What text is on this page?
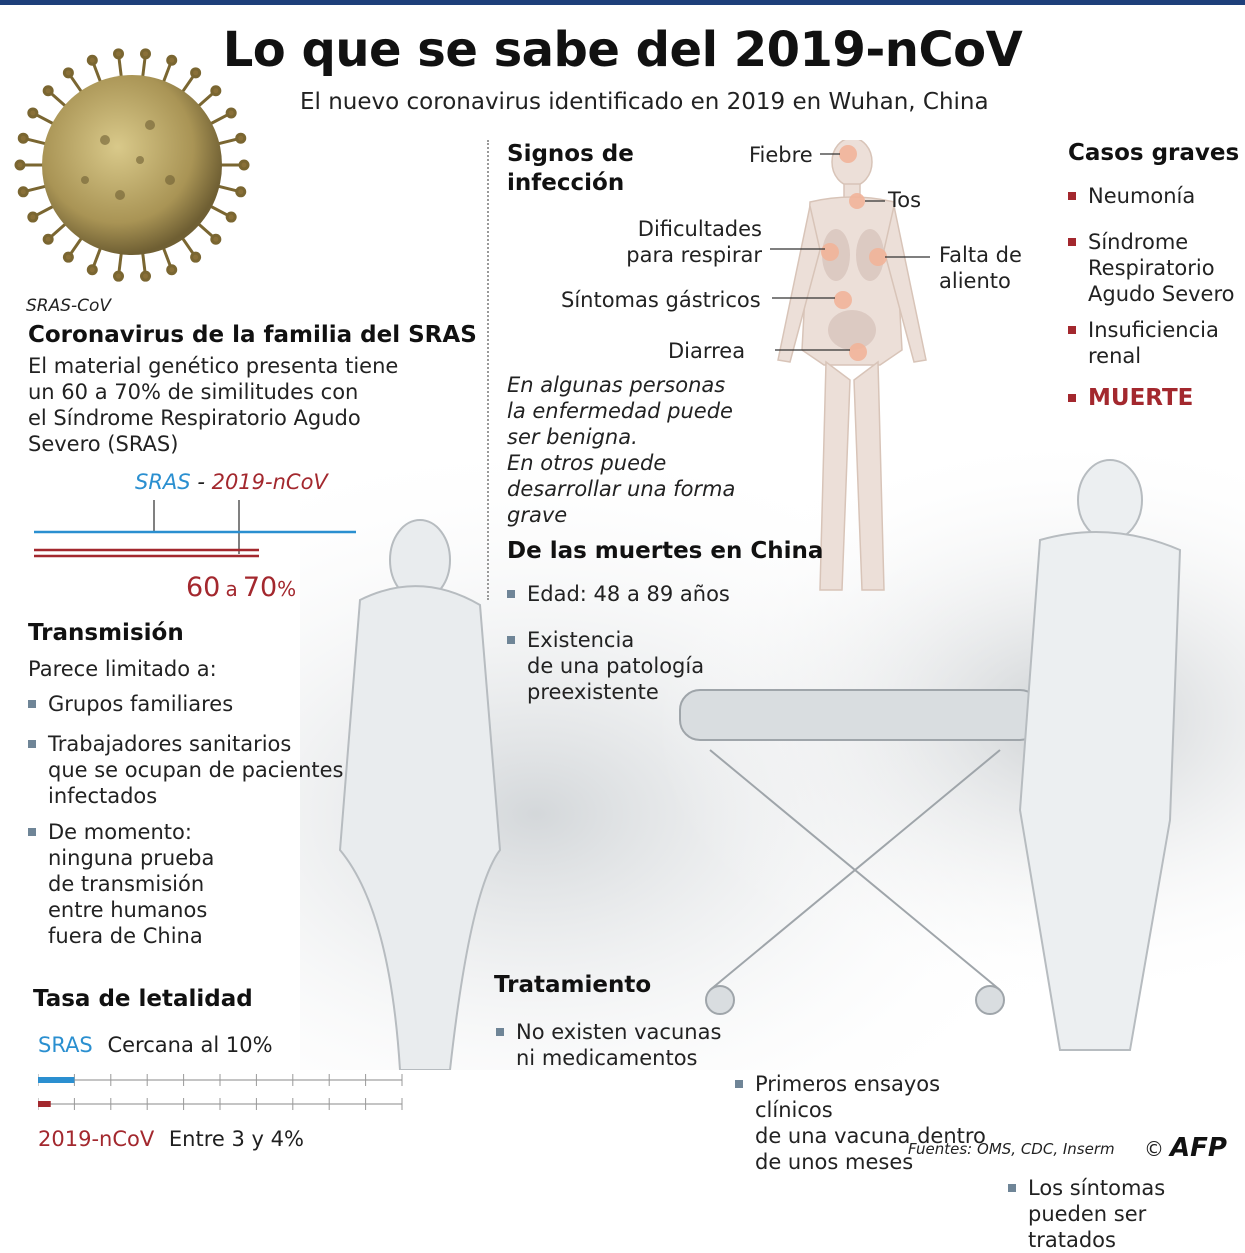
Lo que se sabe del 2019-nCoV
El nuevo coronavirus identificado en 2019 en Wuhan, China
SRAS-CoV
Coronavirus de la familia del SRAS
El material genético presenta tiene
un 60 a 70% de similitudes con
el Síndrome Respiratorio Agudo
Severo (SRAS)
SRAS - 2019-nCoV
60 a 70%
Transmisión
Parece limitado a:
Grupos familiares
Trabajadores sanitarios
que se ocupan de pacientes
infectados
De momento:
ninguna prueba
de transmisión
entre humanos
fuera de China
Tasa de letalidad
SRAS Cercana al 10%
2019-nCoV Entre 3 y 4%
Signos de
infección
Fiebre
Tos
Dificultades
para respirar	Falta de
aliento
Síntomas gástricos
Diarrea
En algunas personas
la enfermedad puede
ser benigna.
En otros puede
desarrollar una forma
grave
Casos graves
Neumonía
Síndrome
Respiratorio
Agudo Severo
Insuficiencia
renal
MUERTE
De las muertes en China
Edad: 48 a 89 años
Existencia
de una patología
preexistente
Tratamiento
No existen vacunas
ni medicamentos
Primeros ensayos
clínicos
de una vacuna dentro
de unos meses
Los síntomas
pueden ser
tratados
Fuentes: OMS, CDC, Inserm © AFP
